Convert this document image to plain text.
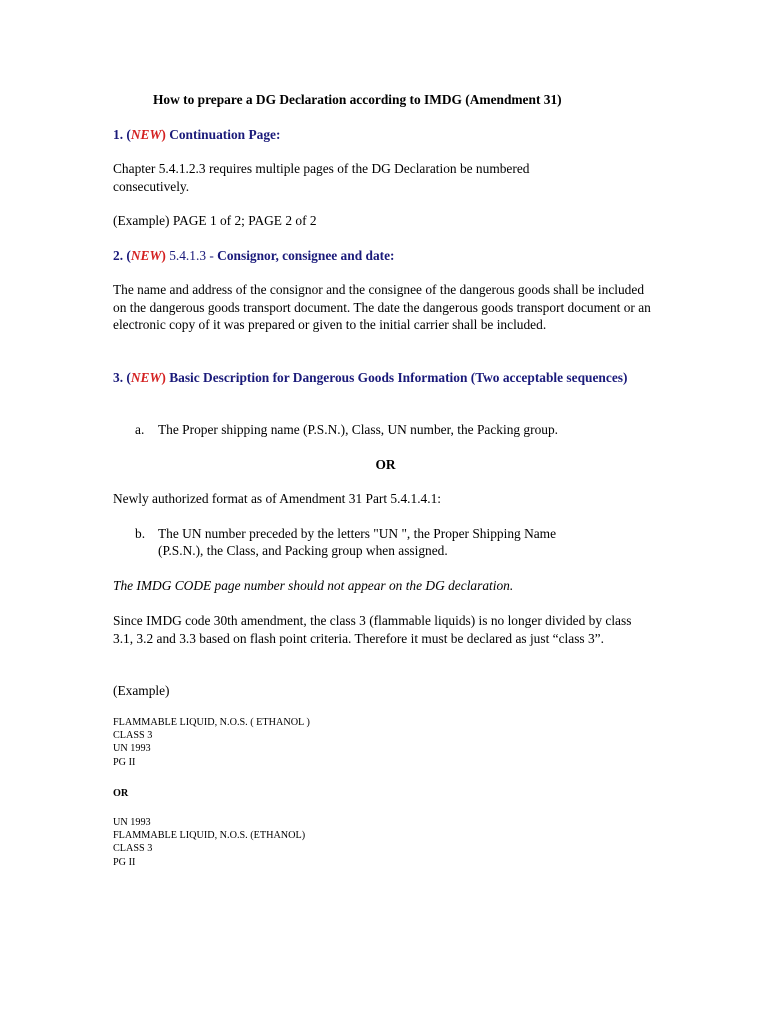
How to prepare a DG Declaration according to IMDG (Amendment 31)

1. (NEW) Continuation Page:

Chapter 5.4.1.2.3 requires multiple pages of the DG Declaration be numbered consecutively.

(Example) PAGE 1 of 2; PAGE 2 of 2

2. (NEW) 5.4.1.3 - Consignor, consignee and date:

The name and address of the consignor and the consignee of the dangerous goods shall be included on the dangerous goods transport document. The date the dangerous goods transport document or an electronic copy of it was prepared or given to the initial carrier shall be included.

3. (NEW) Basic Description for Dangerous Goods Information (Two acceptable sequences)

a. The Proper shipping name (P.S.N.), Class, UN number, the Packing group.

OR

Newly authorized format as of Amendment 31 Part 5.4.1.4.1:

b. The UN number preceded by the letters "UN ", the Proper Shipping Name

(P.S.N.), the Class, and Packing group when assigned.

The IMDG CODE page number should not appear on the DG declaration.

Since IMDG code 30th amendment, the class 3 (flammable liquids) is no longer divided by class 3.1, 3.2 and 3.3 based on flash point criteria. Therefore it must be declared as just “class 3”.

(Example)

FLAMMABLE LIQUID, N.O.S. ( ETHANOL )
CLASS 3
UN 1993
PG II

OR

UN 1993
FLAMMABLE LIQUID, N.O.S. (ETHANOL)
CLASS 3
PG II
